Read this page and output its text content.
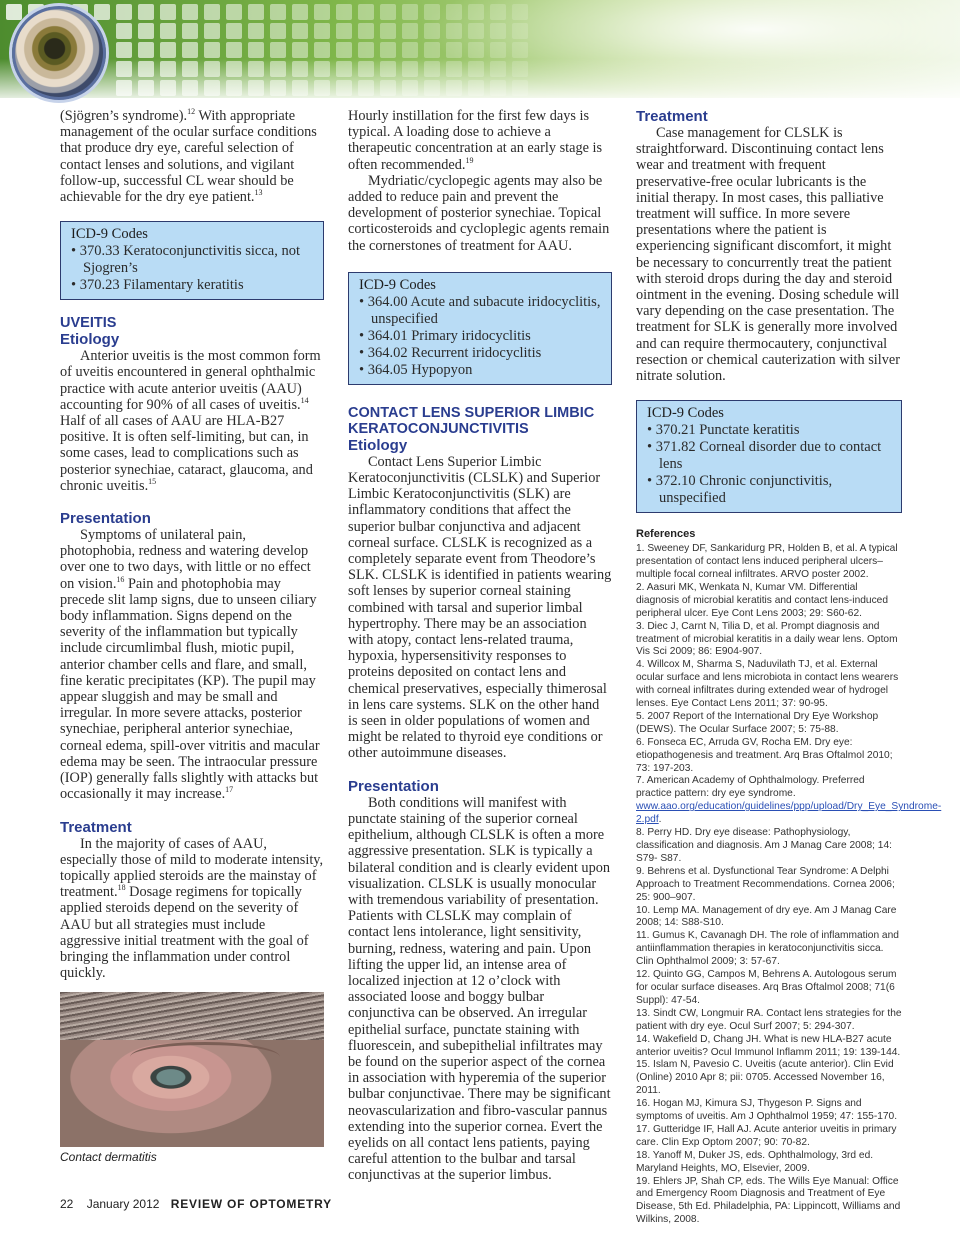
(Sjögren’s syndrome).$^{12}$ With appropriate management of the ocular surface conditions that produce dry eye, careful selection of contact lenses and solutions, and vigilant follow-up, successful CL wear should be achievable for the dry eye patient.$^{13}$

ICD-9 Codes
• 370.33 Keratoconjunctivitis sicca, not Sjogren’s
• 370.23 Filamentary keratitis
UVEITIS
Etiology

Anterior uveitis is the most common form of uveitis encountered in general ophthalmic practice with acute anterior uveitis (AAU) accounting for 90% of all cases of uveitis.$^{14}$ Half of all cases of AAU are HLA-B27 positive. It is often self-limiting, but can, in some cases, lead to complications such as posterior synechiae, cataract, glaucoma, and chronic uveitis.$^{15}$

Presentation

Symptoms of unilateral pain, photophobia, redness and watering develop over one to two days, with little or no effect on vision.$^{16}$ Pain and photophobia may precede slit lamp signs, due to unseen ciliary body inflammation. Signs depend on the severity of the inflammation but typically include circumlimbal flush, miotic pupil, anterior chamber cells and flare, and small, fine keratic precipitates (KP). The pupil may appear sluggish and may be small and irregular. In more severe attacks, posterior synechiae, peripheral anterior synechiae, corneal edema, spill-over vitritis and macular edema may be seen. The intraocular pressure (IOP) generally falls slightly with attacks but occasionally it may increase.$^{17}$

Treatment

In the majority of cases of AAU, especially those of mild to moderate intensity, topically applied steroids are the mainstay of treatment.$^{18}$ Dosage regimens for topically applied steroids depend on the severity of AAU but all strategies must include aggressive initial treatment with the goal of bringing the inflammation under control quickly.

Contact dermatitis

Hourly instillation for the first few days is typical. A loading dose to achieve a therapeutic concentration at an early stage is often recommended.$^{19}$

Mydriatic/cyclopegic agents may also be added to reduce pain and prevent the development of posterior synechiae. Topical corticosteroids and cycloplegic agents remain the cornerstones of treatment for AAU.

ICD-9 Codes
• 364.00 Acute and subacute iridocyclitis, unspecified
• 364.01 Primary iridocyclitis
• 364.02 Recurrent iridocyclitis
• 364.05 Hypopyon
CONTACT LENS SUPERIOR LIMBIC KERATOCONJUNCTIVITIS
Etiology

Contact Lens Superior Limbic Keratoconjunctivitis (CLSLK) and Superior Limbic Keratoconjunctivitis (SLK) are inflammatory conditions that affect the superior bulbar conjunctiva and adjacent corneal surface. CLSLK is recognized as a completely separate event from Theodore’s SLK. CLSLK is identified in patients wearing soft lenses by superior corneal staining combined with tarsal and superior limbal hypertrophy. There may be an association with atopy, contact lens-related trauma, hypoxia, hypersensitivity responses to proteins deposited on contact lens and chemical preservatives, especially thimerosal in lens care systems. SLK on the other hand is seen in older populations of women and might be related to thyroid eye conditions or other autoimmune diseases.

Presentation

Both conditions will manifest with punctate staining of the superior corneal epithelium, although CLSLK is often a more aggressive presentation. SLK is typically a bilateral condition and is clearly evident upon visualization. CLSLK is usually monocular with tremendous variability of presentation. Patients with CLSLK may complain of contact lens intolerance, light sensitivity, burning, redness, watering and pain. Upon lifting the upper lid, an intense area of localized injection at 12 o’clock with associated loose and boggy bulbar conjunctiva can be observed. An irregular epithelial surface, punctate staining with fluorescein, and subepithelial infiltrates may be found on the superior aspect of the cornea in association with hyperemia of the superior bulbar conjunctivae. There may be significant neovascularization and fibro-vascular pannus extending into the superior cornea. Evert the eyelids on all contact lens patients, paying careful attention to the bulbar and tarsal conjunctivas at the superior limbus.

Treatment

Case management for CLSLK is straightforward. Discontinuing contact lens wear and treatment with frequent preservative-free ocular lubricants is the initial therapy. In most cases, this palliative treatment will suffice. In more severe presentations where the patient is experiencing significant discomfort, it might be necessary to concurrently treat the patient with steroid drops during the day and steroid ointment in the evening. Dosing schedule will vary depending on the case presentation. The treatment for SLK is generally more involved and can require thermocautery, conjunctival resection or chemical cauterization with silver nitrate solution.

ICD-9 Codes
• 370.21 Punctate keratitis
• 371.82 Corneal disorder due to contact lens
• 372.10 Chronic conjunctivitis, unspecified
References
1. Sweeney DF, Sankaridurg PR, Holden B, et al. A typical presentation of contact lens induced peripheral ulcers–multiple focal corneal infiltrates. ARVO poster 2002.
2. Aasuri MK, Wenkata N, Kumar VM. Differential diagnosis of microbial keratitis and contact lens-induced peripheral ulcer. Eye Cont Lens 2003; 29: S60-62.
3. Diec J, Carnt N, Tilia D, et al. Prompt diagnosis and treatment of microbial keratitis in a daily wear lens. Optom Vis Sci 2009; 86: E904-907.
4. Willcox M, Sharma S, Naduvilath TJ, et al. External ocular surface and lens microbiota in contact lens wearers with corneal infiltrates during extended wear of hydrogel lenses. Eye Contact Lens 2011; 37: 90-95.
5. 2007 Report of the International Dry Eye Workshop (DEWS). The Ocular Surface 2007; 5: 75-88.
6. Fonseca EC, Arruda GV, Rocha EM. Dry eye: etiopathogenesis and treatment. Arq Bras Oftalmol 2010; 73: 197-203.
7. American Academy of Ophthalmology. Preferred practice pattern: dry eye syndrome. www.aao.org/education/guidelines/ppp/upload/Dry_Eye_Syndrome-2.pdf.
8. Perry HD. Dry eye disease: Pathophysiology, classification and diagnosis. Am J Manag Care 2008; 14: S79- S87.
9. Behrens et al. Dysfunctional Tear Syndrome: A Delphi Approach to Treatment Recommendations. Cornea 2006; 25: 900–907.
10. Lemp MA. Management of dry eye. Am J Manag Care 2008; 14: S88-S10.
11. Gumus K, Cavanagh DH. The role of inflammation and antiinflammation therapies in keratoconjunctivitis sicca. Clin Ophthalmol 2009; 3: 57-67.
12. Quinto GG, Campos M, Behrens A. Autologous serum for ocular surface diseases. Arq Bras Oftalmol 2008; 71(6 Suppl): 47-54.
13. Sindt CW, Longmuir RA. Contact lens strategies for the patient with dry eye. Ocul Surf 2007; 5: 294-307.
14. Wakefield D, Chang JH. What is new HLA-B27 acute anterior uveitis? Ocul Immunol Inflamm 2011; 19: 139-144.
15. Islam N, Pavesio C. Uveitis (acute anterior). Clin Evid (Online) 2010 Apr 8; pii: 0705. Accessed November 16, 2011.
16. Hogan MJ, Kimura SJ, Thygeson P. Signs and symptoms of uveitis. Am J Ophthalmol 1959; 47: 155-170.
17. Gutteridge IF, Hall AJ. Acute anterior uveitis in primary care. Clin Exp Optom 2007; 90: 70-82.
18. Yanoff M, Duker JS, eds. Ophthalmology, 3rd ed. Maryland Heights, MO, Elsevier, 2009.
19. Ehlers JP, Shah CP, eds. The Wills Eye Manual: Office and Emergency Room Diagnosis and Treatment of Eye Disease, 5th Ed. Philadelphia, PA: Lippincott, Williams and Wilkins, 2008.
22 January 2012 REVIEW OF OPTOMETRY
